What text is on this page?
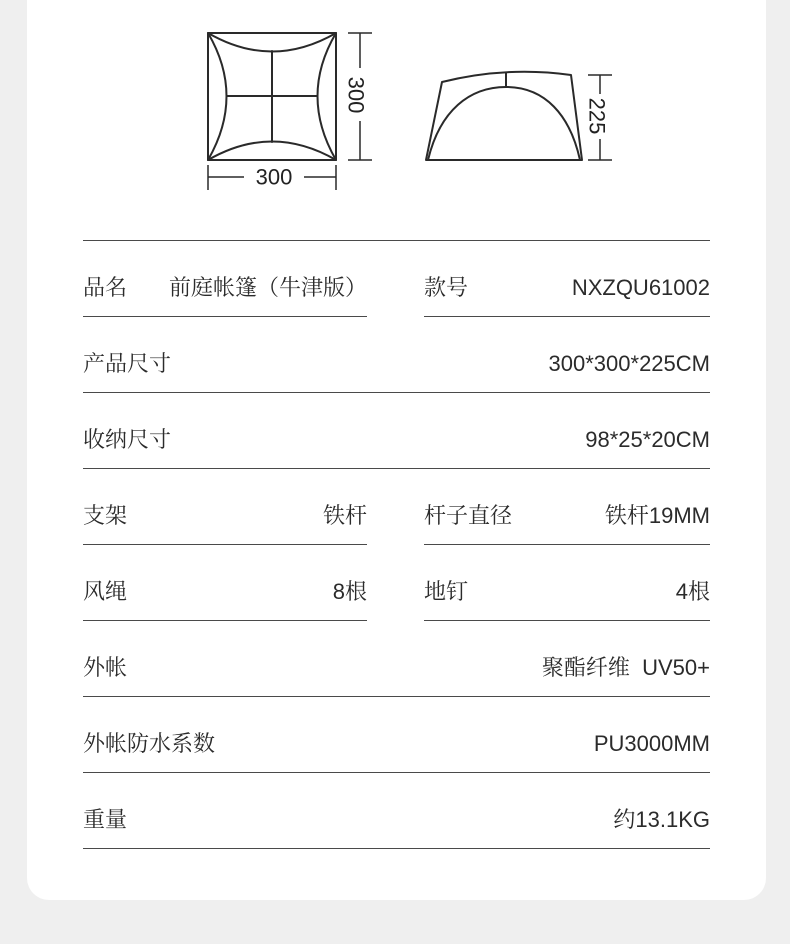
300
300
225
品名 前庭帐篷（牛津版）	款号	NXZQU61002
产品尺寸	300*300*225CM
收纳尺寸	98*25*20CM
支架	铁杆	杆子直径	铁杆19MM
风绳	8根	地钉	4根
外帐	聚酯纤维  UV50+
外帐防水系数	PU3000MM
重量	约13.1KG
